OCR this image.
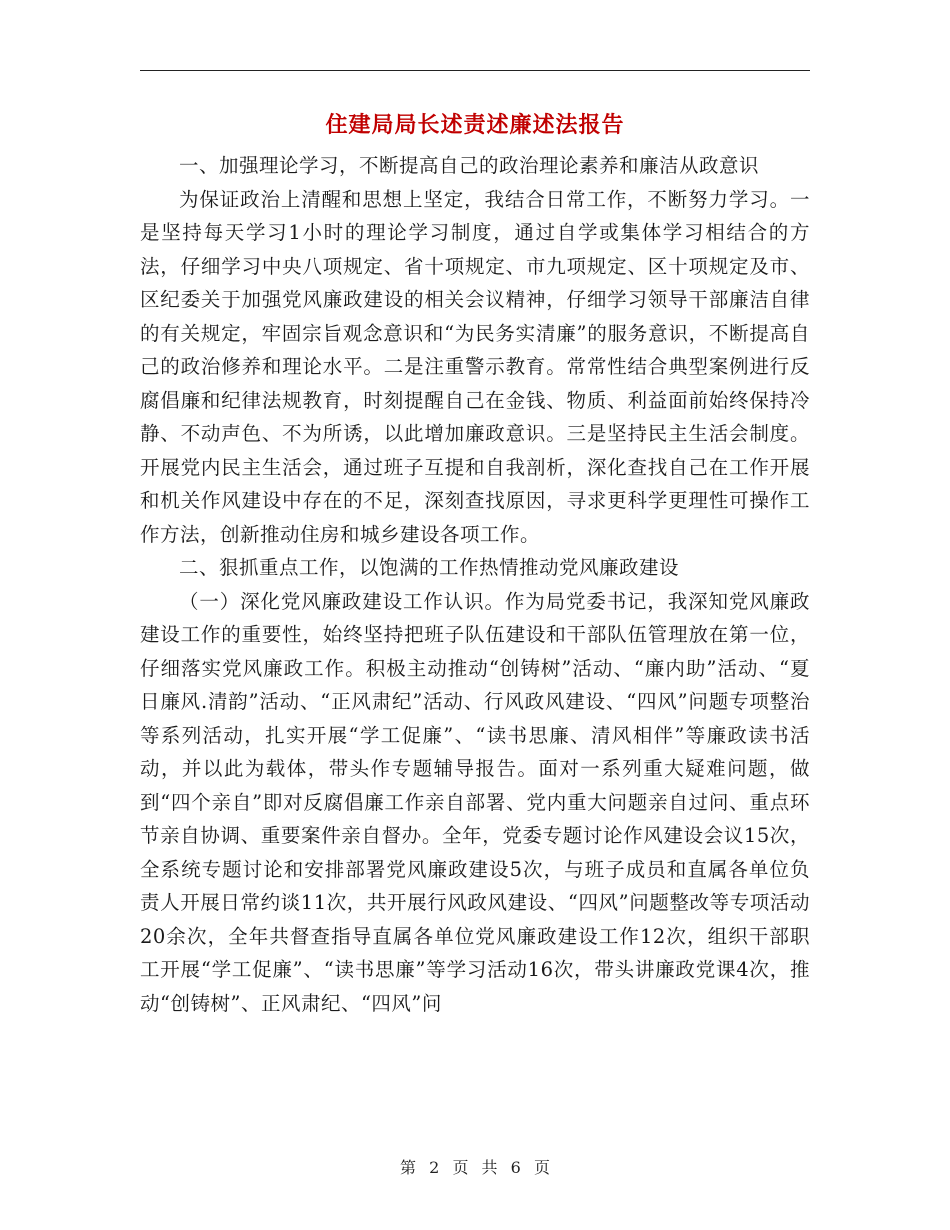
住建局局长述责述廉述法报告

一、加强理论学习，不断提高自己的政治理论素养和廉洁从政意识

为保证政治上清醒和思想上坚定，我结合日常工作，不断努力学习。一是坚持每天学习1小时的理论学习制度，通过自学或集体学习相结合的方法，仔细学习中央八项规定、省十项规定、市九项规定、区十项规定及市、区纪委关于加强党风廉政建设的相关会议精神，仔细学习领导干部廉洁自律的有关规定，牢固宗旨观念意识和“为民务实清廉”的服务意识，不断提高自己的政治修养和理论水平。二是注重警示教育。常常性结合典型案例进行反腐倡廉和纪律法规教育，时刻提醒自己在金钱、物质、利益面前始终保持冷静、不动声色、不为所诱，以此增加廉政意识。三是坚持民主生活会制度。开展党内民主生活会，通过班子互提和自我剖析，深化查找自己在工作开展和机关作风建设中存在的不足，深刻查找原因，寻求更科学更理性可操作工作方法，创新推动住房和城乡建设各项工作。

二、狠抓重点工作，以饱满的工作热情推动党风廉政建设

（一）深化党风廉政建设工作认识。作为局党委书记，我深知党风廉政建设工作的重要性，始终坚持把班子队伍建设和干部队伍管理放在第一位，仔细落实党风廉政工作。积极主动推动“创铸树”活动、“廉内助”活动、“夏日廉风.清韵”活动、“正风肃纪”活动、行风政风建设、“四风”问题专项整治等系列活动，扎实开展“学工促廉”、“读书思廉、清风相伴”等廉政读书活动，并以此为载体，带头作专题辅导报告。面对一系列重大疑难问题，做到“四个亲自”即对反腐倡廉工作亲自部署、党内重大问题亲自过问、重点环节亲自协调、重要案件亲自督办。全年，党委专题讨论作风建设会议15次，全系统专题讨论和安排部署党风廉政建设5次，与班子成员和直属各单位负责人开展日常约谈11次，共开展行风政风建设、“四风”问题整改等专项活动20余次，全年共督查指导直属各单位党风廉政建设工作12次，组织干部职工开展“学工促廉”、“读书思廉”等学习活动16次，带头讲廉政党课4次，推动“创铸树”、正风肃纪、“四风”问

第 2 页 共 6 页
